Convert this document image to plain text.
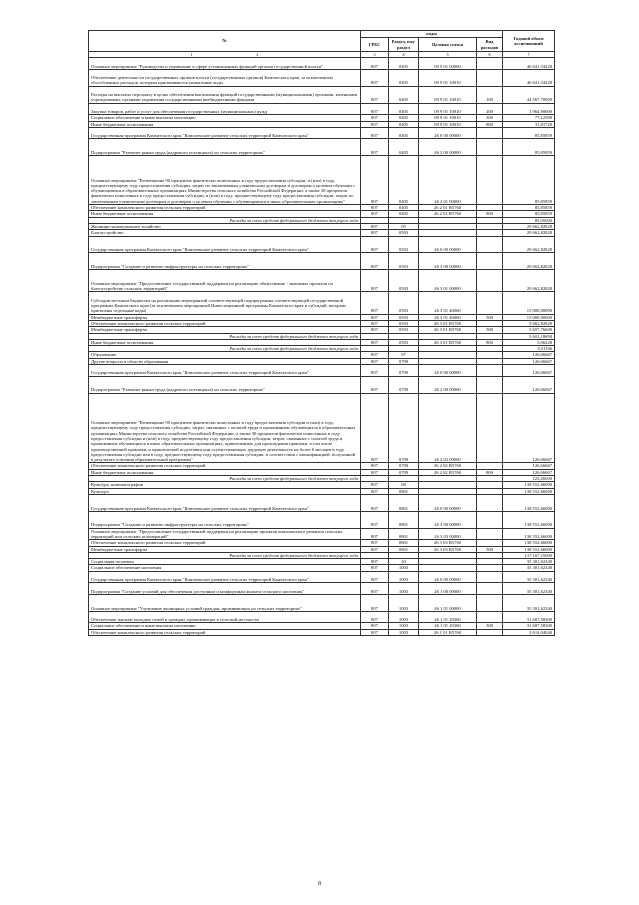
№	коды				Годовой объем ассигнований
	ГРБС	Раздел, под-раздел	Целевая статья	Вид расходов	
1 2	3	4	5	6	7
Основное мероприятие "Руководство и управление в сфере установленных функций органов государственной власти"	807	0405	09 9 01 00000		46 641,54220
Обеспечение деятельности государственных органов власти (государственных органов) Камчатского края, за исключением обособленных расходов, которым присваиваются уникальные коды	807	0405	09 9 01 10010		46 641,54220
Расходы на выплаты персоналу в целях обеспечения выполнения функций государственными (муниципальными) органами, казенными учреждениями, органами управления государственными внебюджетными фондами	807	0405	09 9 01 10010	100	44 567,70000
Закупка товаров, работ и услуг для обеспечения государственных (муниципальных) нужд	807	0405	09 9 01 10010	200	1 964,90000
Социальное обеспечение и иные выплаты населению	807	0405	09 9 01 10010	300	77,12500
Иные бюджетные ассигнования	807	0405	09 9 01 10010	800	31,81720
Государственная программа Камчатского края "Комплексное развитие сельских территорий Камчатского края"	807	0405	26 0 00 00000		85,85859
Подпрограмма "Развитие рынка труда (кадрового потенциала) на сельских территориях"	807	0405	26 2 00 00000		85,85859
Основное мероприятие "Возмещение 90 процентов фактически понесенных в году предоставления субсидии, и (или) в году, предшествующему году предоставления субсидии, затрат по заключенным ученическим договорам и договорам о целевом обучении с обучающимися в образовательных организациях Министерства сельского хозяйства Российской Федерации, а также 30 процентов фактически понесенных в году предоставления субсидии, и (или) в году, предшествующему году предоставления субсидии, затрат по заключенным ученическим договорам и договорам о целевом обучении с обучающимися в иных образовательных организациях"	807	0405	26 2 01 00000		85,85859
Обеспечение комплексного развития сельских территорий	807	0405	26 2 01 R5760		85,85859
Иные бюджетные ассигнования	807	0405	26 2 01 R5760	800	85,85859
Расходы за счет средств федерального бюджета текущего года					85,00000
Жилищно-коммунальное хозяйство	807	05			20 662,82828
Благоустройство	807	0503			20 662,82828
Государственная программа Камчатского края "Комплексное развитие сельских территорий Камчатского края"	807	0503	26 0 00 00000		20 662,82828
Подпрограмма "Создание и развитие инфраструктуры на сельских территориях"	807	0503	26 3 00 00000		20 662,82828
Основное мероприятие "Предоставление государственной поддержки на реализацию общественно - значимых проектов по благоустройству сельских территорий"	807	0503	26 3 01 00000		20 662,82828
Субсидии местным бюджетам на реализацию мероприятий соответствующей подпрограммы соответствующей государственной программы Камчатского края (за исключением мероприятий Инвестиционной программы Камчатского края и субсидий, которым присвоены отдельные коды)	807	0503	26 3 01 40060		15 000,00000
Межбюджетные трансферты	807	0503	26 3 01 40060	500	15 000,00000
Обеспечение комплексного развития сельских территорий	807	0503	26 3 01 R5760		5 662,82828
Межбюджетные трансферты	807	0503	26 3 01 R5760	500	5 657,76600
Расходы за счет средств федерального бюджета текущего года					5 601,18894
Иные бюджетные ассигнования	807	0503	26 3 01 R5760	800	5,06228
Расходы за счет средств федерального бюджета текущего года					5,01166
Образование	807	07			126,66667
Другие вопросы в области образования	807	0709			126,66667
Государственная программа Камчатского края "Комплексное развитие сельских территорий Камчатского края"	807	0709	26 0 00 00000		126,66667
Подпрограмма "Развитие рынка труда (кадрового потенциала) на сельских территориях"	807	0709	26 2 00 00000		126,66667
Основное мероприятие "Возмещение 90 процентов фактически понесенных в году предоставления субсидии и (или) в году, предшествующему году предоставления субсидии, затрат, связанных с оплатой труда и проживанием обучающихся в образовательных организациях Министерства сельского хозяйства Российской Федерации, а также 30 процентов фактически понесенных в году предоставления субсидии и (или) в году, предшествующему году предоставления субсидии, затрат, связанных с оплатой труда и проживанием обучающихся в иных образовательных организациях, привлеченных для прохождения практики, в том числе производственной практики, и практической подготовки или осуществляющих трудовую деятельность не более 6 месяцев в году предоставления субсидии или в году, предшествующему году предоставления субсидии, в соответствии с квалификацией, полученной в результате освоения образовательной программы"	807	0709	26 2 02 00000		126,66667
Обеспечение комплексного развития сельских территорий	807	0709	26 2 02 R5760		126,66667
Иные бюджетные ассигнования	807	0709	26 2 02 R5760	800	126,66667
Расходы за счет средств федерального бюджета текущего года					125,40000
Культура, кинематография	807	08			138 552,66000
Культура	807	0801			138 552,66000
Государственная программа Камчатского края "Комплексное развитие сельских территорий Камчатского края"	807	0801	26 0 00 00000		138 552,66000
Подпрограмма "Создание и развитие инфраструктуры на сельских территориях"	807	0801	26 3 00 00000		138 552,66000
Основное мероприятие "Предоставление государственной поддержки на реализацию проектов комплексного развития сельских территорий или сельских агломераций"	807	0801	26 3 03 00000		138 552,66000
Обеспечение комплексного развития сельских территорий	807	0801	26 3 03 R5760		138 552,66000
Межбюджетные трансферты	807	0801	26 3 03 R5760	500	138 552,66000
Расходы за счет средств федерального бюджета текущего года					137 167,10000
Социальная политика	807	10			35 301,62340
Социальное обеспечение населения	807	1003			35 301,62340
Государственная программа Камчатского края "Комплексное развитие сельских территорий Камчатского края"	807	1003	26 0 00 00000		35 301,62340
Подпрограмма "Создание условий для обеспечения доступным и комфортным жильем сельского населения"	807	1003	26 1 00 00000		35 301,62340
Основное мероприятие "Улучшение жилищных условий граждан, проживающих на сельских территориях"	807	1003	26 1 01 00000		35 301,62340
Обеспечение жильем молодых семей и граждан, проживающих в сельской местности	807	1003	26 1 01 20360		31 687,58300
Социальное обеспечение и иные выплаты населению	807	1003	26 1 01 20360	300	31 687,58300
Обеспечение комплексного развития сельских территорий	807	1003	26 1 01 R5760		3 614,04040
8
